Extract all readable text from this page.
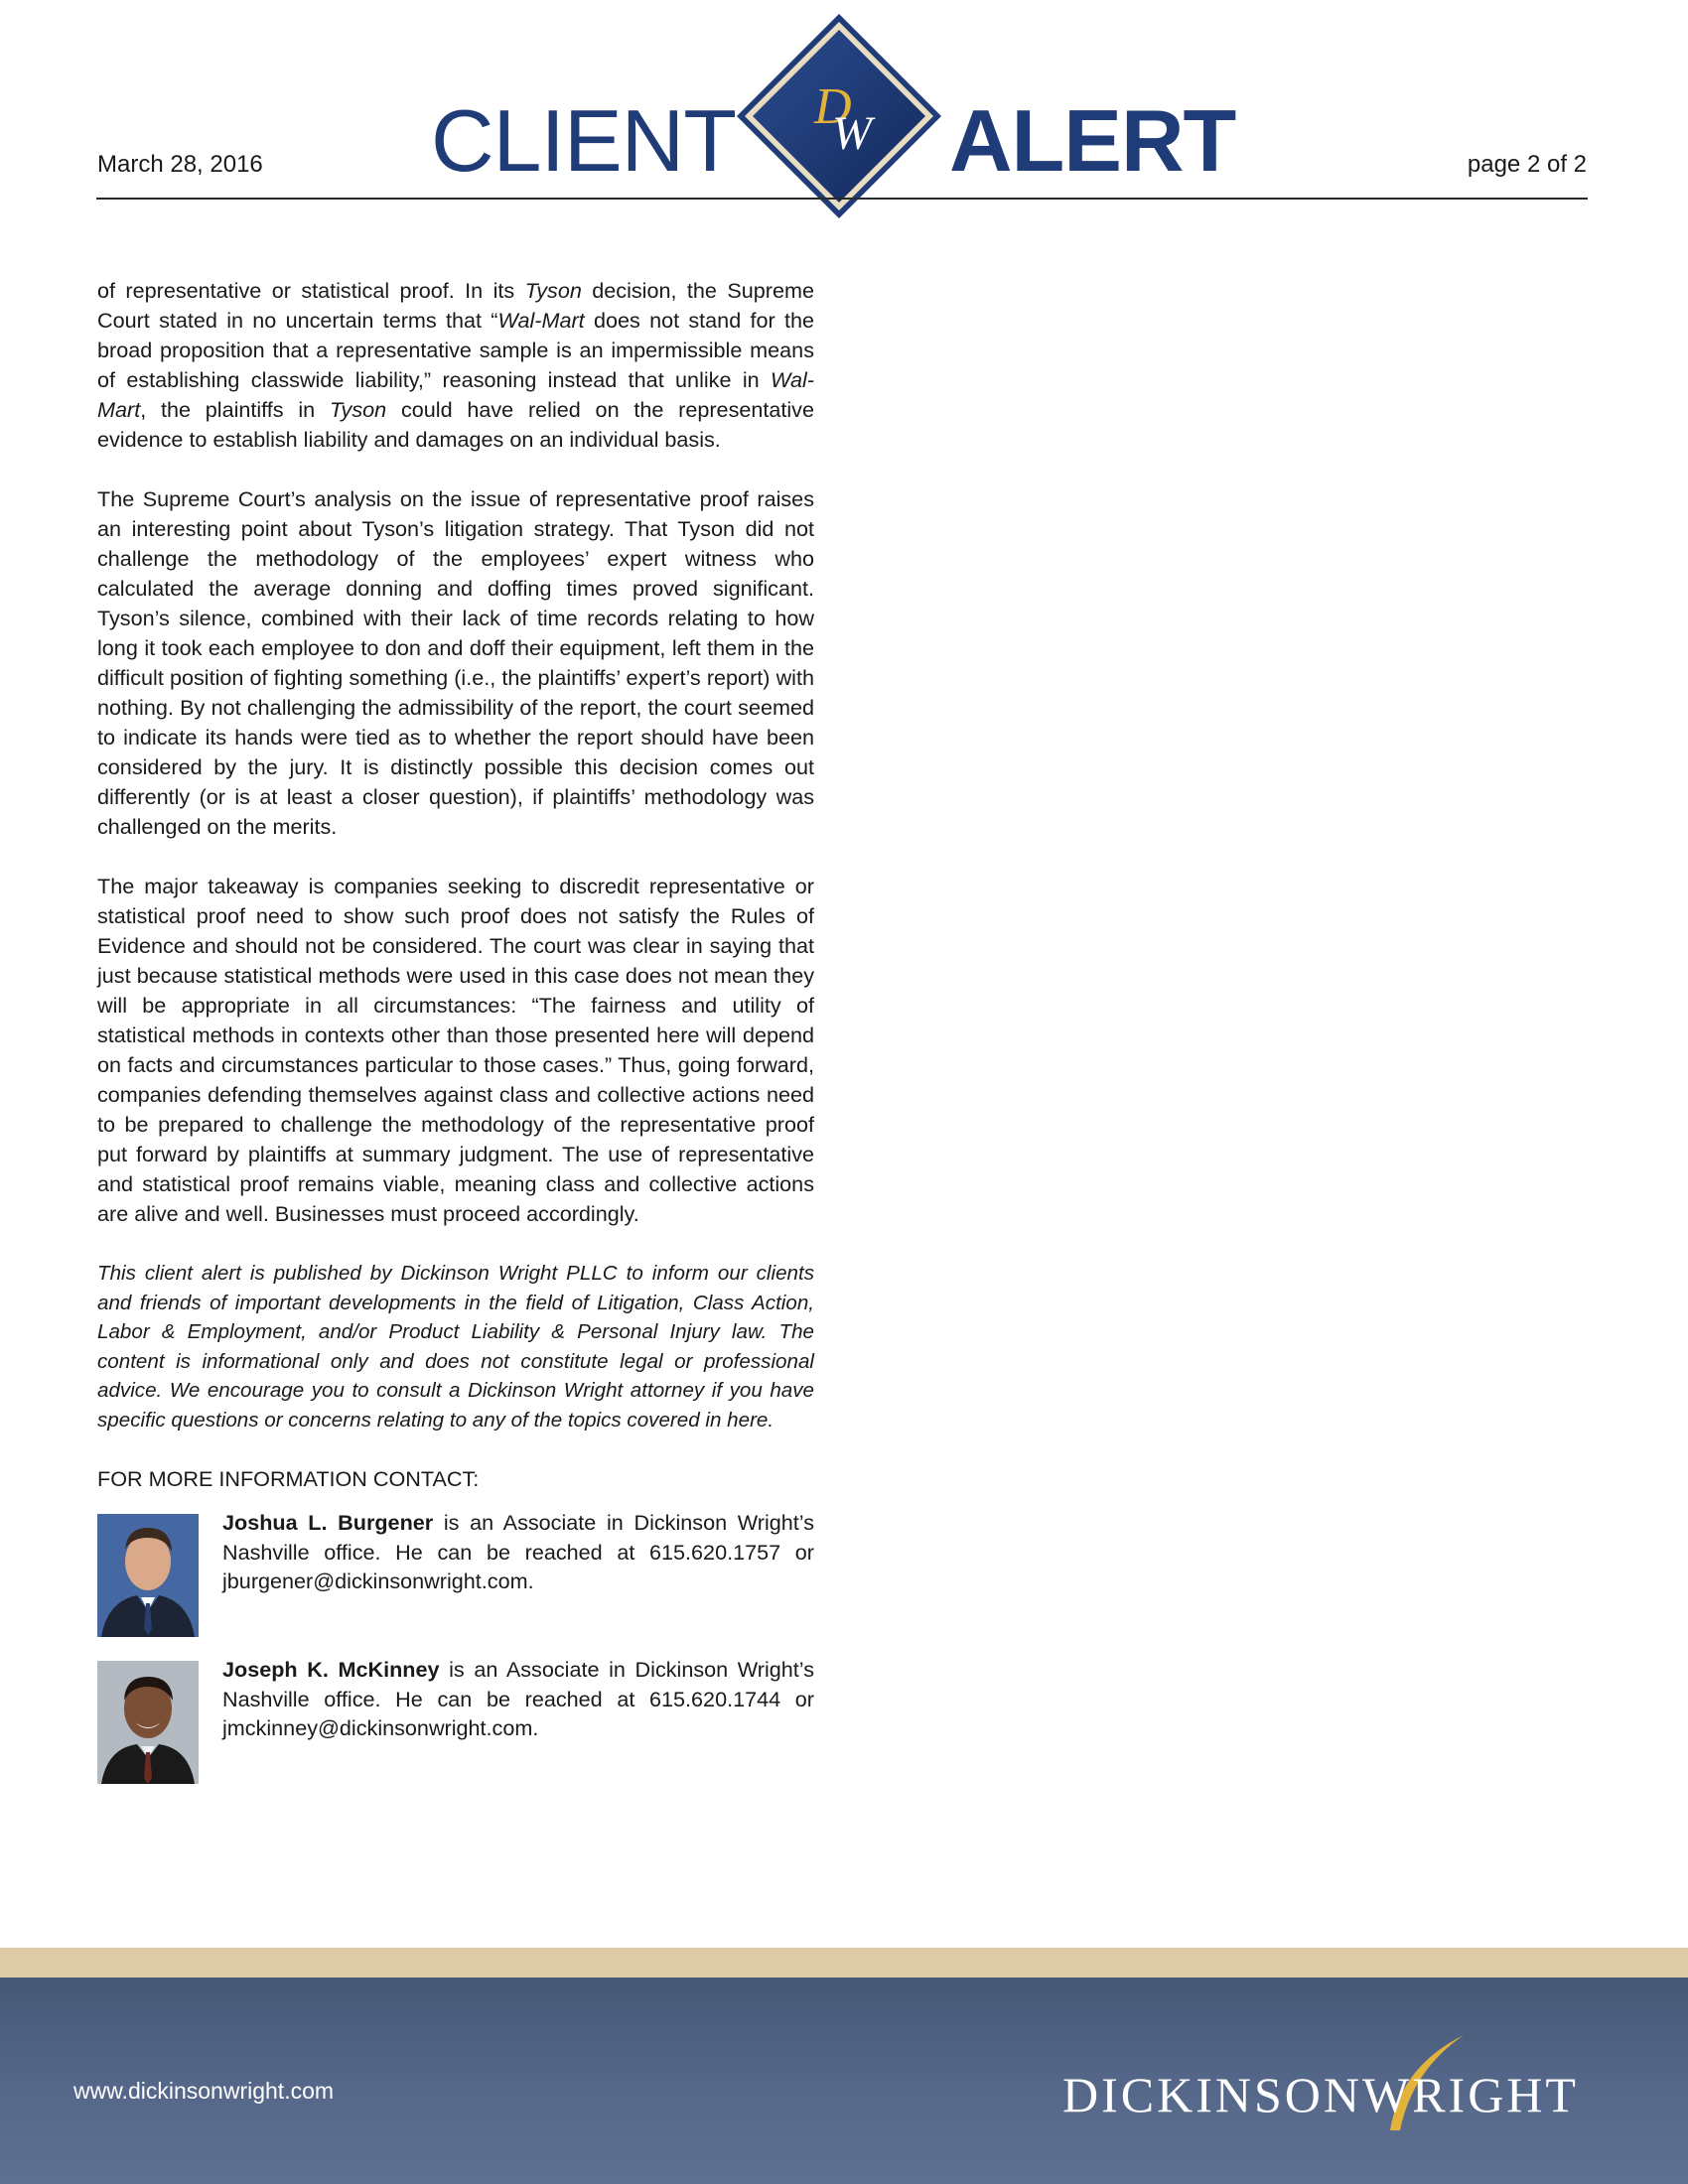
March 28, 2016 CLIENT D
W ALERT	page 2 of 2

of representative or statistical proof. In its Tyson decision, the Supreme Court stated in no uncertain terms that “Wal-Mart does not stand for the broad proposition that a representative sample is an impermissible means of establishing classwide liability,” reasoning instead that unlike in Wal-Mart, the plaintiffs in Tyson could have relied on the representative evidence to establish liability and damages on an individual basis.

The Supreme Court’s analysis on the issue of representative proof raises an interesting point about Tyson’s litigation strategy. That Tyson did not challenge the methodology of the employees’ expert witness who calculated the average donning and doffing times proved significant. Tyson’s silence, combined with their lack of time records relating to how long it took each employee to don and doff their equipment, left them in the difficult position of fighting something (i.e., the plaintiffs’ expert’s report) with nothing. By not challenging the admissibility of the report, the court seemed to indicate its hands were tied as to whether the report should have been considered by the jury. It is distinctly possible this decision comes out differently (or is at least a closer question), if plaintiffs’ methodology was challenged on the merits.

The major takeaway is companies seeking to discredit representative or statistical proof need to show such proof does not satisfy the Rules of Evidence and should not be considered. The court was clear in saying that just because statistical methods were used in this case does not mean they will be appropriate in all circumstances: “The fairness and utility of statistical methods in contexts other than those presented here will depend on facts and circumstances particular to those cases.” Thus, going forward, companies defending themselves against class and collective actions need to be prepared to challenge the methodology of the representative proof put forward by plaintiffs at summary judgment. The use of representative and statistical proof remains viable, meaning class and collective actions are alive and well. Businesses must proceed accordingly.

This client alert is published by Dickinson Wright PLLC to inform our clients and friends of important developments in the field of Litigation, Class Action, Labor & Employment, and/or Product Liability & Personal Injury law. The content is informational only and does not constitute legal or professional advice. We encourage you to consult a Dickinson Wright attorney if you have specific questions or concerns relating to any of the topics covered in here.

FOR MORE INFORMATION CONTACT:
Joshua L. Burgener is an Associate in Dickinson Wright’s Nashville office. He can be reached at 615.620.1757 or jburgener@dickinsonwright.com.
Joseph K. McKinney is an Associate in Dickinson Wright’s Nashville office. He can be reached at 615.620.1744 or jmckinney@dickinsonwright.com.
www.dickinsonwright.com	DICKINSONWRIGHT
